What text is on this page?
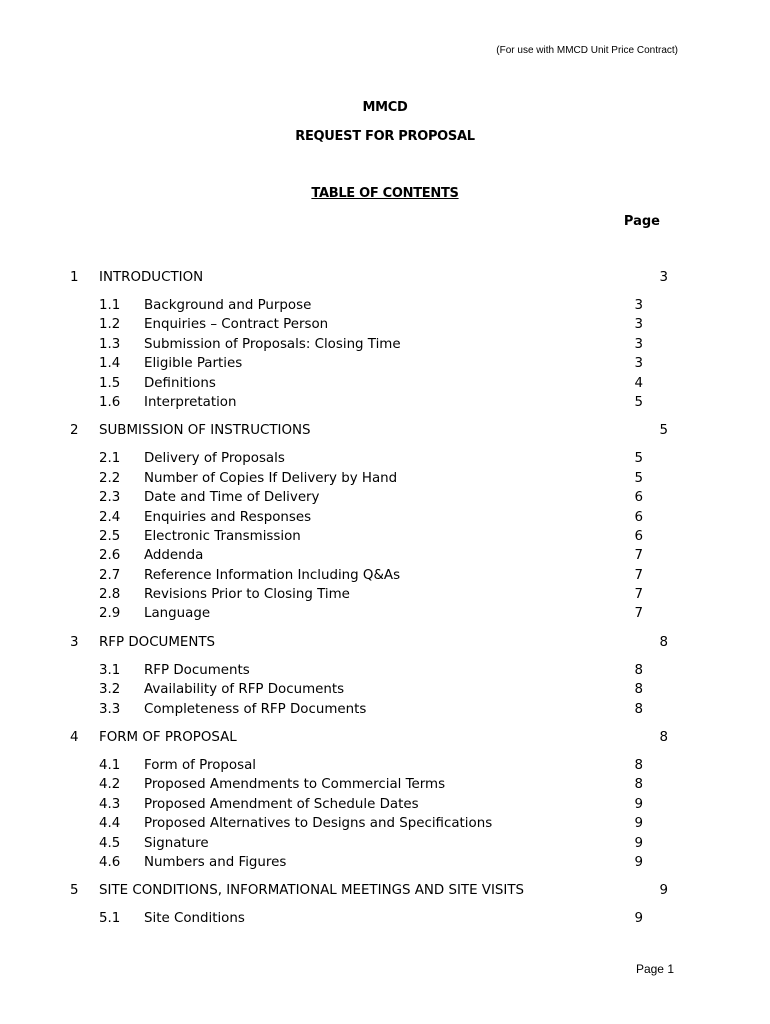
(For use with MMCD Unit Price Contract)
MMCD
REQUEST FOR PROPOSAL
TABLE OF CONTENTS
Page
1 INTRODUCTION	3
1.1 Background and Purpose	3
1.2 Enquiries – Contract Person	3
1.3 Submission of Proposals: Closing Time	3
1.4 Eligible Parties	3
1.5 Definitions	4
1.6 Interpretation	5
2 SUBMISSION OF INSTRUCTIONS	5
2.1 Delivery of Proposals	5
2.2 Number of Copies If Delivery by Hand	5
2.3 Date and Time of Delivery	6
2.4 Enquiries and Responses	6
2.5 Electronic Transmission	6
2.6 Addenda	7
2.7 Reference Information Including Q&As	7
2.8 Revisions Prior to Closing Time	7
2.9 Language	7
3 RFP DOCUMENTS	8
3.1 RFP Documents	8
3.2 Availability of RFP Documents	8
3.3 Completeness of RFP Documents	8
4 FORM OF PROPOSAL	8
4.1 Form of Proposal	8
4.2 Proposed Amendments to Commercial Terms	8
4.3 Proposed Amendment of Schedule Dates	9
4.4 Proposed Alternatives to Designs and Specifications	9
4.5 Signature	9
4.6 Numbers and Figures	9
5 SITE CONDITIONS, INFORMATIONAL MEETINGS AND SITE VISITS	9
5.1 Site Conditions	9
Page 1
